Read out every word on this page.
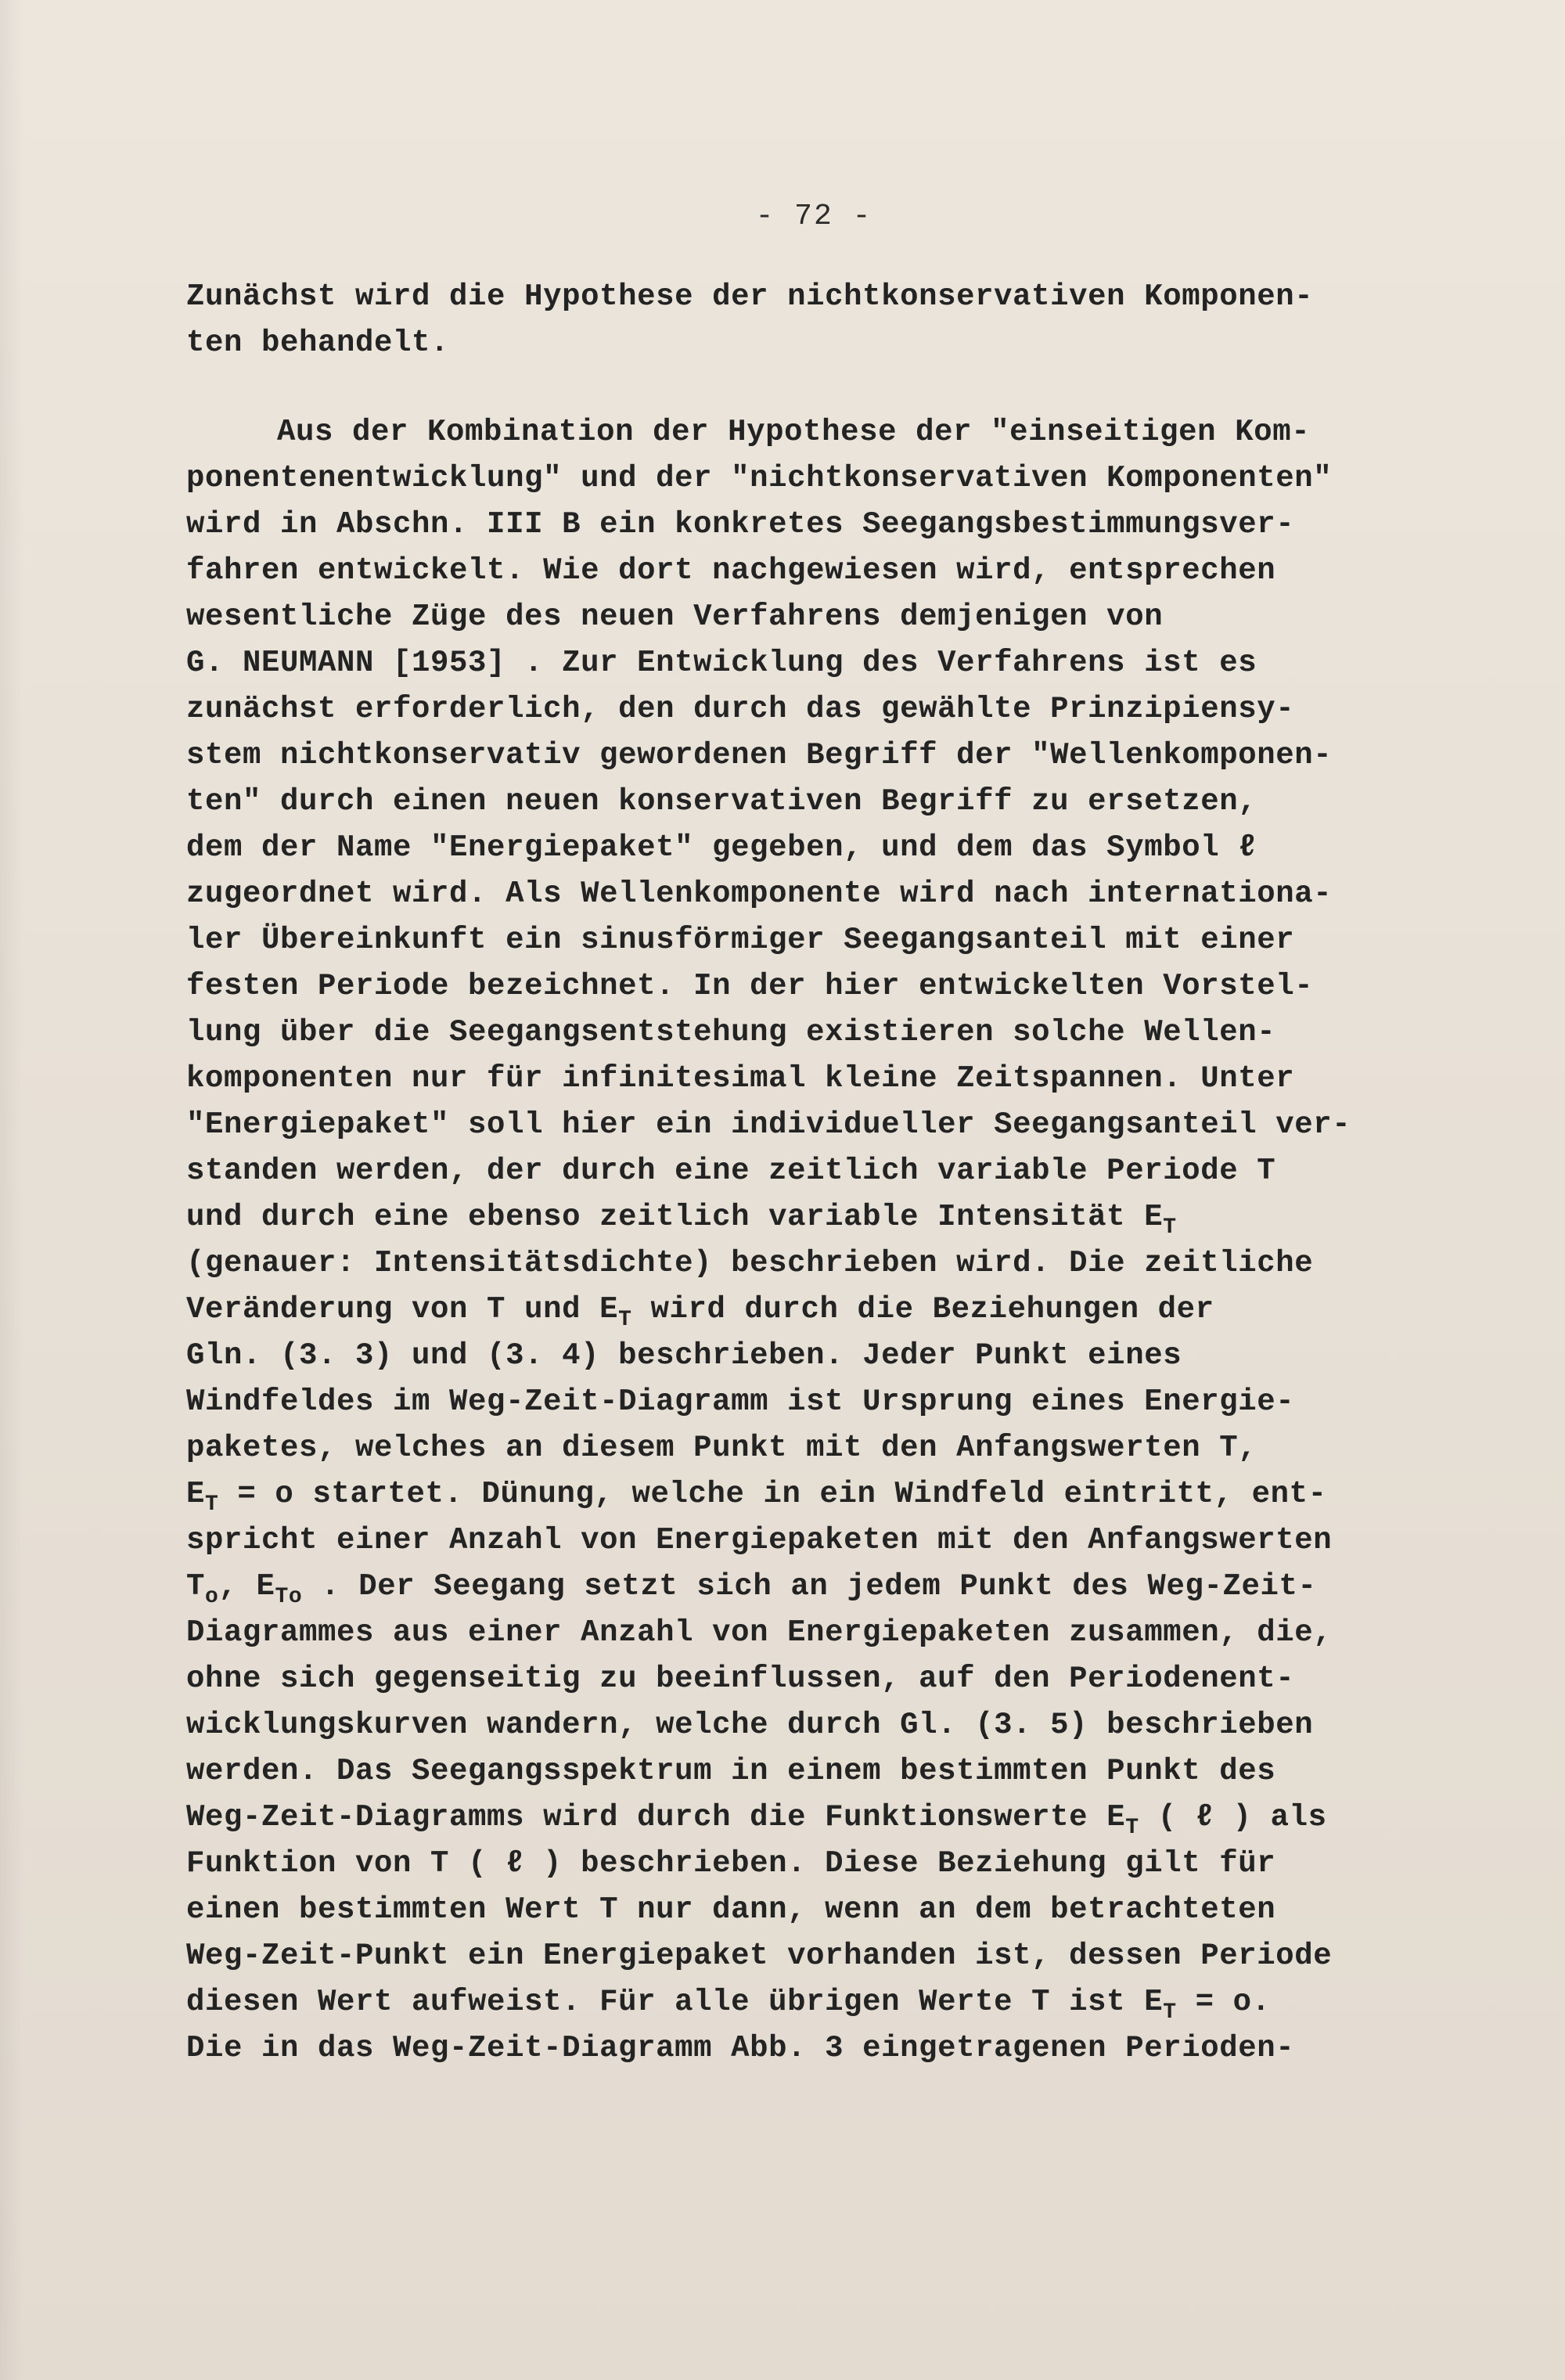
- 72 -
Zunächst wird die Hypothese der nichtkonservativen Komponen-
ten behandelt.
Aus der Kombination der Hypothese der "einseitigen Kom-
ponentenentwicklung" und der "nichtkonservativen Komponenten"
wird in Abschn. III B ein konkretes Seegangsbestimmungsver-
fahren entwickelt. Wie dort nachgewiesen wird, entsprechen
wesentliche Züge des neuen Verfahrens demjenigen von
G. NEUMANN [1953] . Zur Entwicklung des Verfahrens ist es
zunächst erforderlich, den durch das gewählte Prinzipiensy-
stem nichtkonservativ gewordenen Begriff der "Wellenkomponen-
ten" durch einen neuen konservativen Begriff zu ersetzen,
dem der Name "Energiepaket" gegeben, und dem das Symbol ℓ
zugeordnet wird. Als Wellenkomponente wird nach internationa-
ler Übereinkunft ein sinusförmiger Seegangsanteil mit einer
festen Periode bezeichnet. In der hier entwickelten Vorstel-
lung über die Seegangsentstehung existieren solche Wellen-
komponenten nur für infinitesimal kleine Zeitspannen. Unter
"Energiepaket" soll hier ein individueller Seegangsanteil ver-
standen werden, der durch eine zeitlich variable Periode T
und durch eine ebenso zeitlich variable Intensität $E_T$
(genauer: Intensitätsdichte) beschrieben wird. Die zeitliche
Veränderung von T und $E_T$ wird durch die Beziehungen der
Gln. (3. 3) und (3. 4) beschrieben. Jeder Punkt eines
Windfeldes im Weg-Zeit-Diagramm ist Ursprung eines Energie-
paketes, welches an diesem Punkt mit den Anfangswerten T,
$E_T = o$ startet. Dünung, welche in ein Windfeld eintritt, ent-
spricht einer Anzahl von Energiepaketen mit den Anfangswerten
$T_o$, $E_{To}$ . Der Seegang setzt sich an jedem Punkt des Weg-Zeit-
Diagrammes aus einer Anzahl von Energiepaketen zusammen, die,
ohne sich gegenseitig zu beeinflussen, auf den Periodenent-
wicklungskurven wandern, welche durch Gl. (3. 5) beschrieben
werden. Das Seegangsspektrum in einem bestimmten Punkt des
Weg-Zeit-Diagramms wird durch die Funktionswerte $E_T$ ( ℓ ) als
Funktion von T ( ℓ ) beschrieben. Diese Beziehung gilt für
einen bestimmten Wert T nur dann, wenn an dem betrachteten
Weg-Zeit-Punkt ein Energiepaket vorhanden ist, dessen Periode
diesen Wert aufweist. Für alle übrigen Werte T ist $E_T = o$.
Die in das Weg-Zeit-Diagramm Abb. 3 eingetragenen Perioden-
